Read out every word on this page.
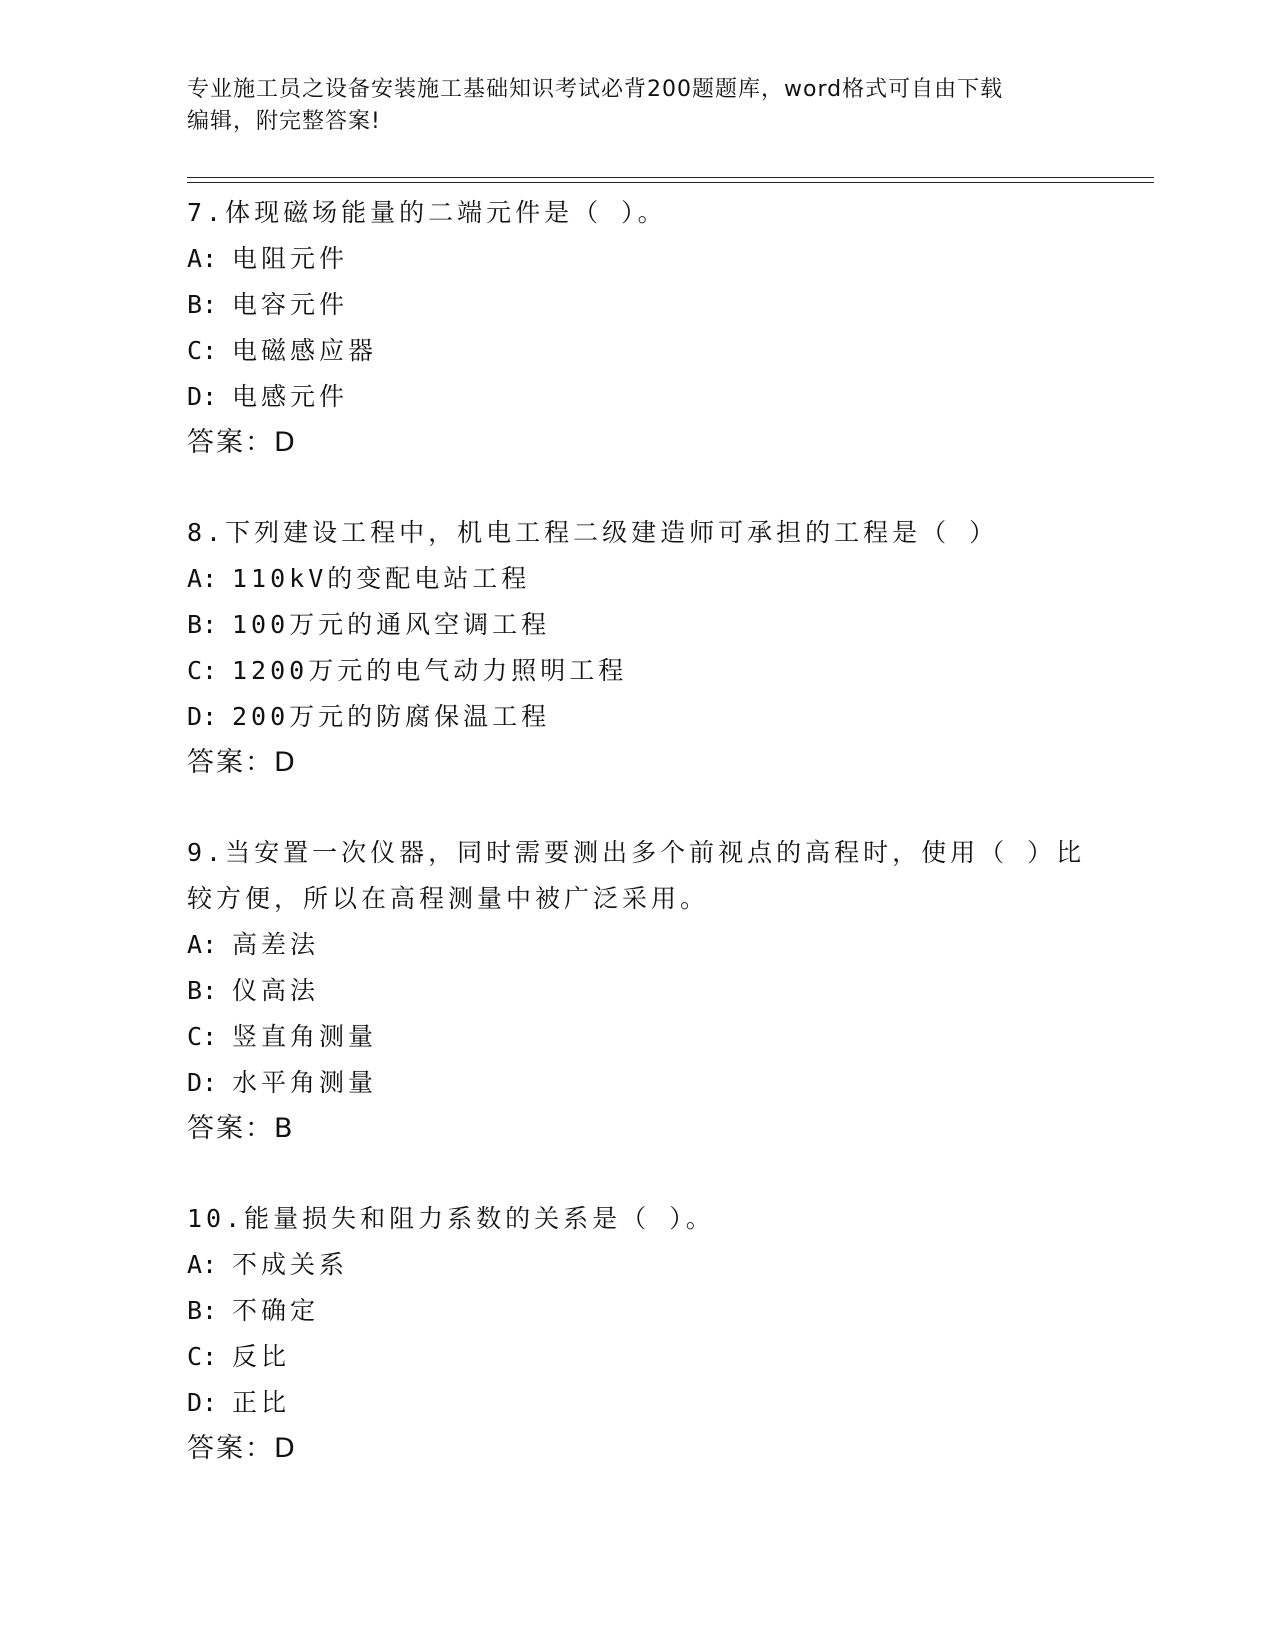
专业施工员之设备安装施工基础知识考试必背200题题库，word格式可自由下载
编辑，附完整答案!
7.体现磁场能量的二端元件是（ ）。
A: 电阻元件
B: 电容元件
C: 电磁感应器
D: 电感元件
答案：D
8.下列建设工程中，机电工程二级建造师可承担的工程是（ ）
A: 110kV的变配电站工程
B: 100万元的通风空调工程
C: 1200万元的电气动力照明工程
D: 200万元的防腐保温工程
答案：D
9.当安置一次仪器，同时需要测出多个前视点的高程时，使用（ ）比较方便，所以在高程测量中被广泛采用。
A: 高差法
B: 仪高法
C: 竖直角测量
D: 水平角测量
答案：B
10.能量损失和阻力系数的关系是（ ）。
A: 不成关系
B: 不确定
C: 反比
D: 正比
答案：D
